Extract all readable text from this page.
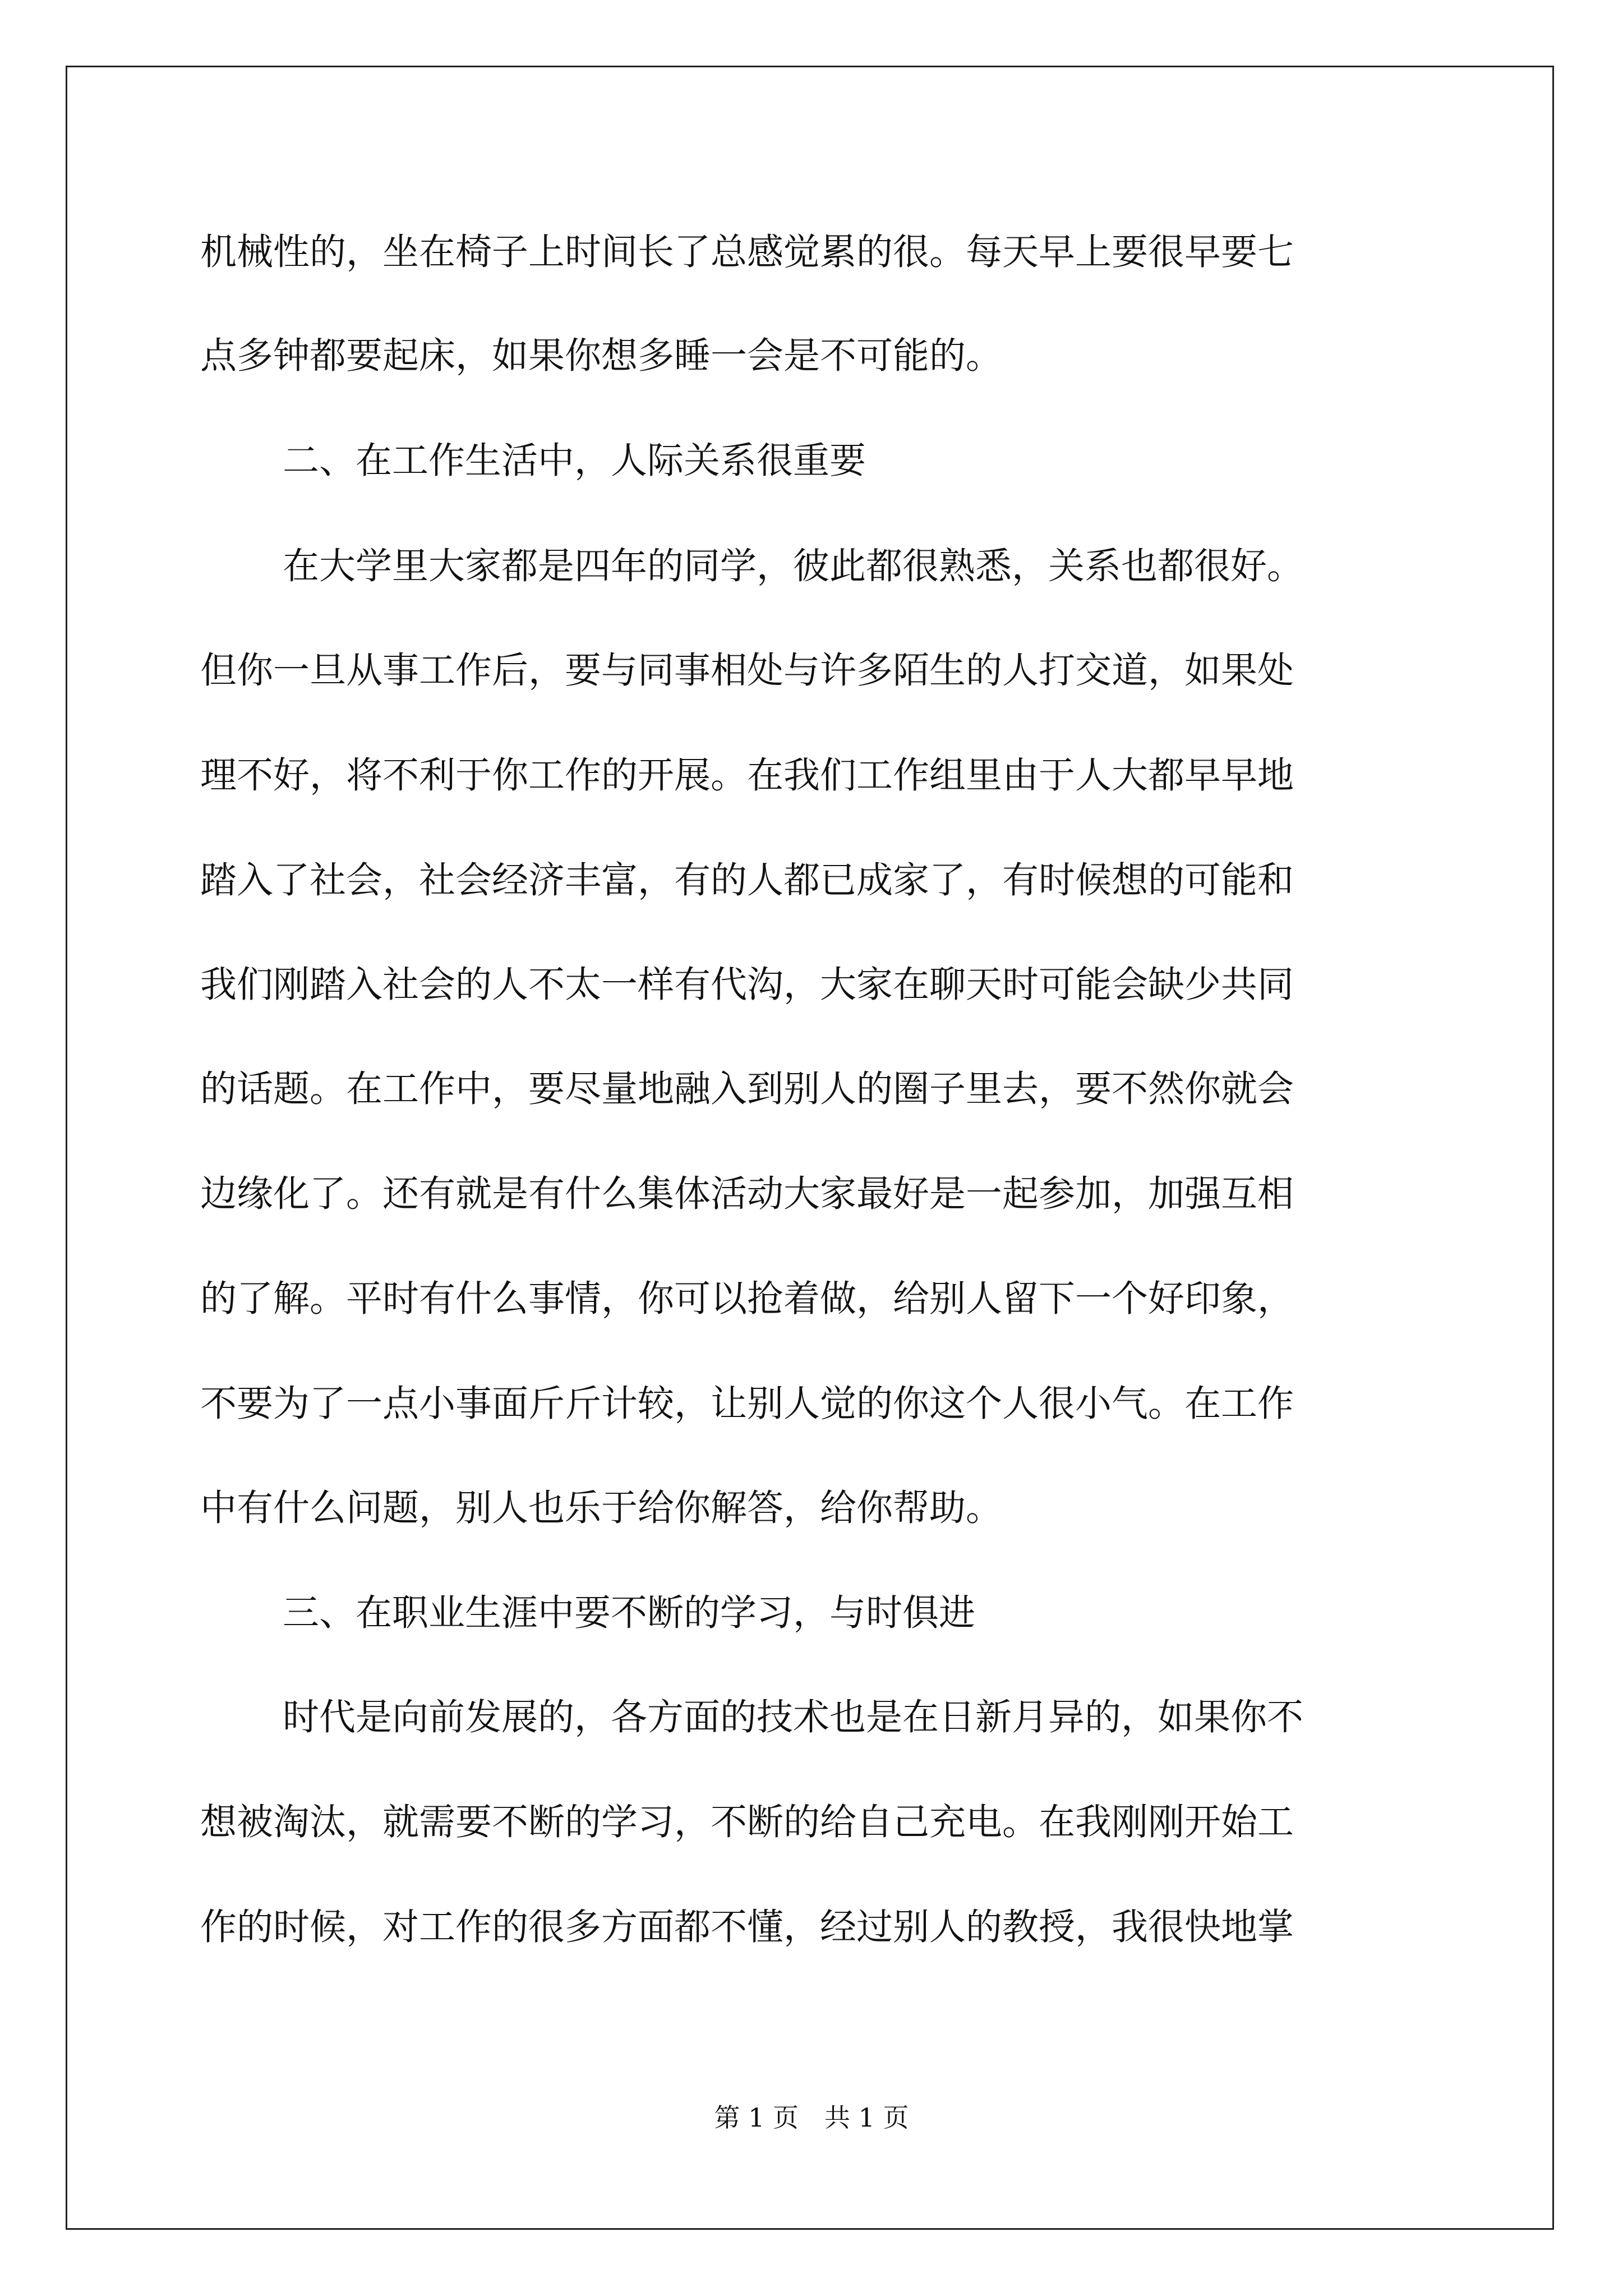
机械性的，坐在椅子上时间长了总感觉累的很。每天早上要很早要七
点多钟都要起床，如果你想多睡一会是不可能的。
二、在工作生活中，人际关系很重要
在大学里大家都是四年的同学，彼此都很熟悉，关系也都很好。
但你一旦从事工作后，要与同事相处与许多陌生的人打交道，如果处
理不好，将不利于你工作的开展。在我们工作组里由于人大都早早地
踏入了社会，社会经济丰富，有的人都已成家了，有时候想的可能和
我们刚踏入社会的人不太一样有代沟，大家在聊天时可能会缺少共同
的话题。在工作中，要尽量地融入到别人的圈子里去，要不然你就会
边缘化了。还有就是有什么集体活动大家最好是一起参加，加强互相
的了解。平时有什么事情，你可以抢着做，给别人留下一个好印象，
不要为了一点小事面斤斤计较，让别人觉的你这个人很小气。在工作
中有什么问题，别人也乐于给你解答，给你帮助。
三、在职业生涯中要不断的学习，与时俱进
时代是向前发展的，各方面的技术也是在日新月异的，如果你不
想被淘汰，就需要不断的学习，不断的给自己充电。在我刚刚开始工
作的时候，对工作的很多方面都不懂，经过别人的教授，我很快地掌
第 1 页　共 1 页
